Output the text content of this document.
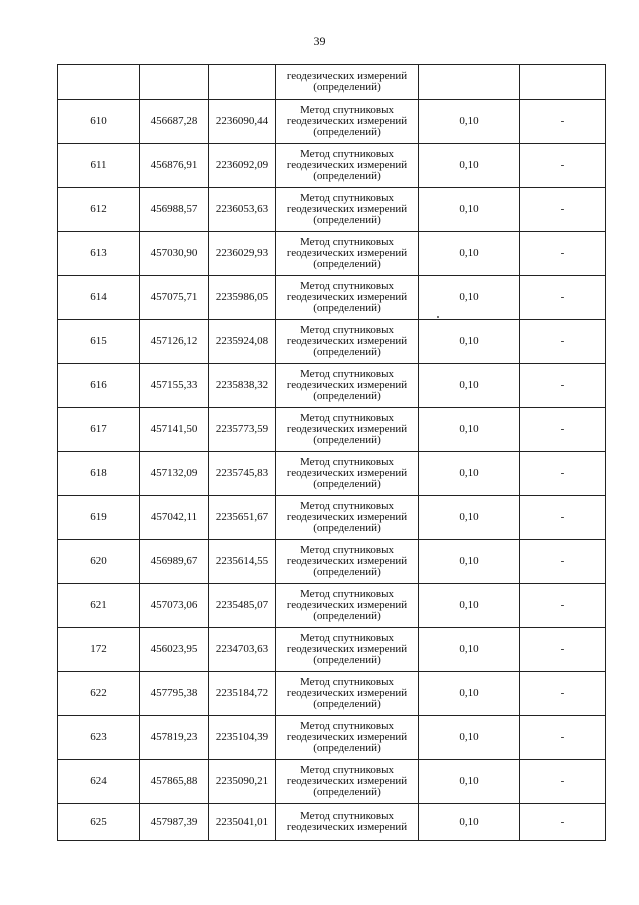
39

			геодезических измерений
(определений)		

610	456687,28	2236090,44	Метод спутниковых
геодезических измерений
(определений)	0,10	-
611	456876,91	2236092,09	Метод спутниковых
геодезических измерений
(определений)	0,10	-
612	456988,57	2236053,63	Метод спутниковых
геодезических измерений
(определений)	0,10	-
613	457030,90	2236029,93	Метод спутниковых
геодезических измерений
(определений)	0,10	-
614	457075,71	2235986,05	Метод спутниковых
геодезических измерений
(определений)	0,10	-
615	457126,12	2235924,08	Метод спутниковых
геодезических измерений
(определений)	0,10	-
616	457155,33	2235838,32	Метод спутниковых
геодезических измерений
(определений)	0,10	-
617	457141,50	2235773,59	Метод спутниковых
геодезических измерений
(определений)	0,10	-
618	457132,09	2235745,83	Метод спутниковых
геодезических измерений
(определений)	0,10	-
619	457042,11	2235651,67	Метод спутниковых
геодезических измерений
(определений)	0,10	-
620	456989,67	2235614,55	Метод спутниковых
геодезических измерений
(определений)	0,10	-
621	457073,06	2235485,07	Метод спутниковых
геодезических измерений
(определений)	0,10	-
172	456023,95	2234703,63	Метод спутниковых
геодезических измерений
(определений)	0,10	-
622	457795,38	2235184,72	Метод спутниковых
геодезических измерений
(определений)	0,10	-
623	457819,23	2235104,39	Метод спутниковых
геодезических измерений
(определений)	0,10	-
624	457865,88	2235090,21	Метод спутниковых
геодезических измерений
(определений)	0,10	-
625	457987,39	2235041,01	Метод спутниковых
геодезических измерений	0,10	-
